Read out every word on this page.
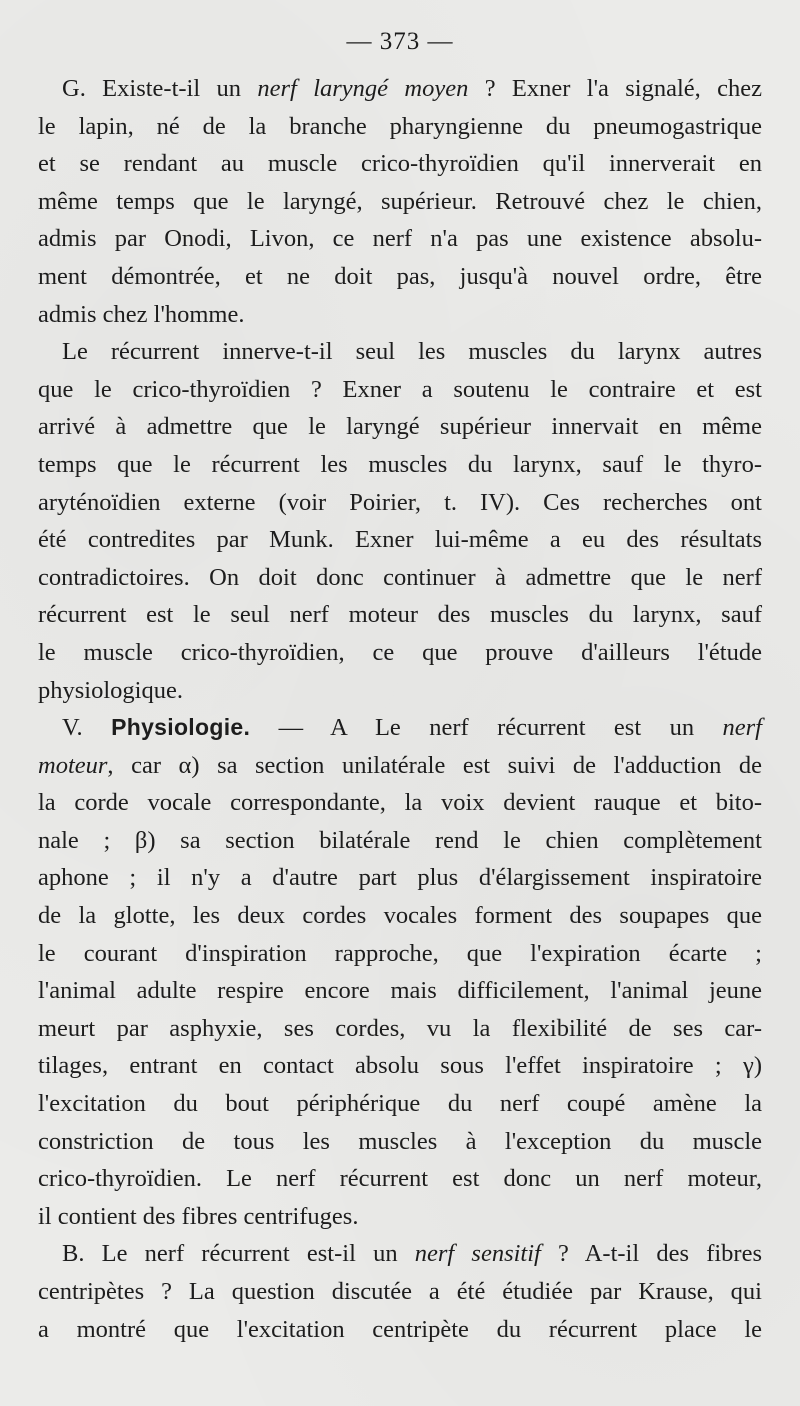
— 373 —
G. Existe-t-il un nerf laryngé moyen ? Exner l'a signalé, chez
le lapin, né de la branche pharyngienne du pneumogastrique
et se rendant au muscle crico-thyroïdien qu'il innerverait en
même temps que le laryngé, supérieur. Retrouvé chez le chien,
admis par Onodi, Livon, ce nerf n'a pas une existence absolu-
ment démontrée, et ne doit pas, jusqu'à nouvel ordre, être
admis chez l'homme.
Le récurrent innerve-t-il seul les muscles du larynx autres
que le crico-thyroïdien ? Exner a soutenu le contraire et est
arrivé à admettre que le laryngé supérieur innervait en même
temps que le récurrent les muscles du larynx, sauf le thyro-
aryténoïdien externe (voir Poirier, t. IV). Ces recherches ont
été contredites par Munk. Exner lui-même a eu des résultats
contradictoires. On doit donc continuer à admettre que le nerf
récurrent est le seul nerf moteur des muscles du larynx, sauf
le muscle crico-thyroïdien, ce que prouve d'ailleurs l'étude
physiologique.
V. Physiologie. — A Le nerf récurrent est un nerf
moteur, car α) sa section unilatérale est suivi de l'adduction de
la corde vocale correspondante, la voix devient rauque et bito-
nale ; β) sa section bilatérale rend le chien complètement
aphone ; il n'y a d'autre part plus d'élargissement inspiratoire
de la glotte, les deux cordes vocales forment des soupapes que
le courant d'inspiration rapproche, que l'expiration écarte ;
l'animal adulte respire encore mais difficilement, l'animal jeune
meurt par asphyxie, ses cordes, vu la flexibilité de ses car-
tilages, entrant en contact absolu sous l'effet inspiratoire ; γ)
l'excitation du bout périphérique du nerf coupé amène la
constriction de tous les muscles à l'exception du muscle
crico-thyroïdien. Le nerf récurrent est donc un nerf moteur,
il contient des fibres centrifuges.
B. Le nerf récurrent est-il un nerf sensitif ? A-t-il des fibres
centripètes ? La question discutée a été étudiée par Krause, qui
a montré que l'excitation centripète du récurrent place le
